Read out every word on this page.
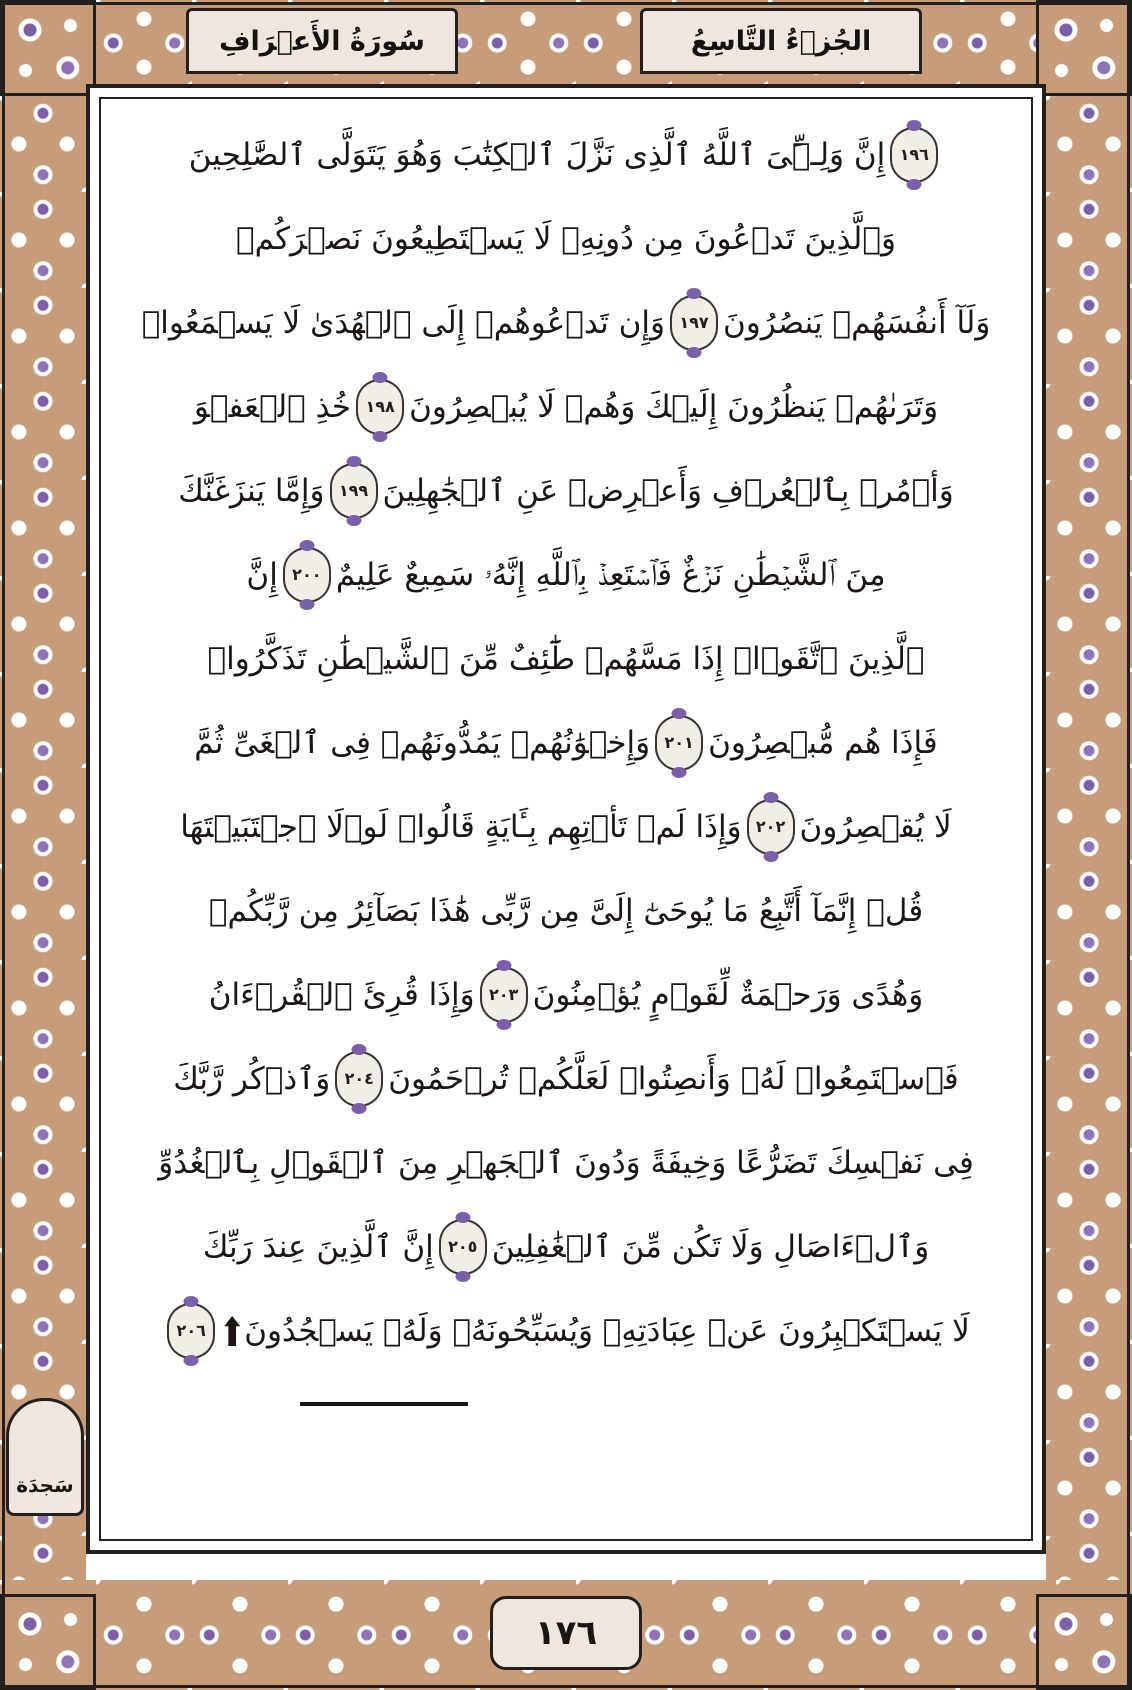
سُورَةُ الأَعۡرَافِ	الجُزۡءُ التَّاسِعُ
١٩٦
إِنَّ وَلِـِّۧىَ ٱللَّهُ ٱلَّذِى نَزَّلَ ٱلۡكِتَٰبَ وَهُوَ يَتَوَلَّى ٱلصَّٰلِحِينَ
وَٱلَّذِينَ تَدۡعُونَ مِن دُونِهِۦ لَا يَسۡتَطِيعُونَ نَصۡرَكُمۡ
وَلَآ أَنفُسَهُمۡ يَنصُرُونَ
١٩٧
وَإِن تَدۡعُوهُمۡ إِلَى ٱلۡهُدَىٰ لَا يَسۡمَعُوا۟
وَتَرَىٰهُمۡ يَنظُرُونَ إِلَيۡكَ وَهُمۡ لَا يُبۡصِرُونَ
١٩٨
خُذِ ٱلۡعَفۡوَ
وَأۡمُرۡ بِٱلۡعُرۡفِ وَأَعۡرِضۡ عَنِ ٱلۡجَٰهِلِينَ
١٩٩
وَإِمَّا يَنزَغَنَّكَ
مِنَ ٱلشَّيۡطَٰنِ نَزۡغٌ فَٱسۡتَعِذۡ بِٱللَّهِ إِنَّهُۥ سَمِيعٌ عَلِيمٌ
٢٠٠
إِنَّ
ٱلَّذِينَ ٱتَّقَوۡا۟ إِذَا مَسَّهُمۡ طَٰٓئِفٌ مِّنَ ٱلشَّيۡطَٰنِ تَذَكَّرُوا۟
فَإِذَا هُم مُّبۡصِرُونَ
٢٠١
وَإِخۡوَٰنُهُمۡ يَمُدُّونَهُمۡ فِى ٱلۡغَىِّ ثُمَّ
لَا يُقۡصِرُونَ
٢٠٢
وَإِذَا لَمۡ تَأۡتِهِم بِـَٔايَةٍ قَالُوا۟ لَوۡلَا ٱجۡتَبَيۡتَهَا
قُلۡ إِنَّمَآ أَتَّبِعُ مَا يُوحَىٰٓ إِلَىَّ مِن رَّبِّى هَٰذَا بَصَآئِرُ مِن رَّبِّكُمۡ
وَهُدًى وَرَحۡمَةٌ لِّقَوۡمٍ يُؤۡمِنُونَ
٢٠٣
وَإِذَا قُرِئَ ٱلۡقُرۡءَانُ
فَٱسۡتَمِعُوا۟ لَهُۥ وَأَنصِتُوا۟ لَعَلَّكُمۡ تُرۡحَمُونَ
٢٠٤
وَٱذۡكُر رَّبَّكَ
فِى نَفۡسِكَ تَضَرُّعًا وَخِيفَةً وَدُونَ ٱلۡجَهۡرِ مِنَ ٱلۡقَوۡلِ بِٱلۡغُدُوِّ
وَٱلۡءَاصَالِ وَلَا تَكُن مِّنَ ٱلۡغَٰفِلِينَ
٢٠٥
إِنَّ ٱلَّذِينَ عِندَ رَبِّكَ
لَا يَسۡتَكۡبِرُونَ عَنۡ عِبَادَتِهِۦ وَيُسَبِّحُونَهُۥ وَلَهُۥ يَسۡجُدُونَ
٢٠٦
سَجدَة
١٧٦
